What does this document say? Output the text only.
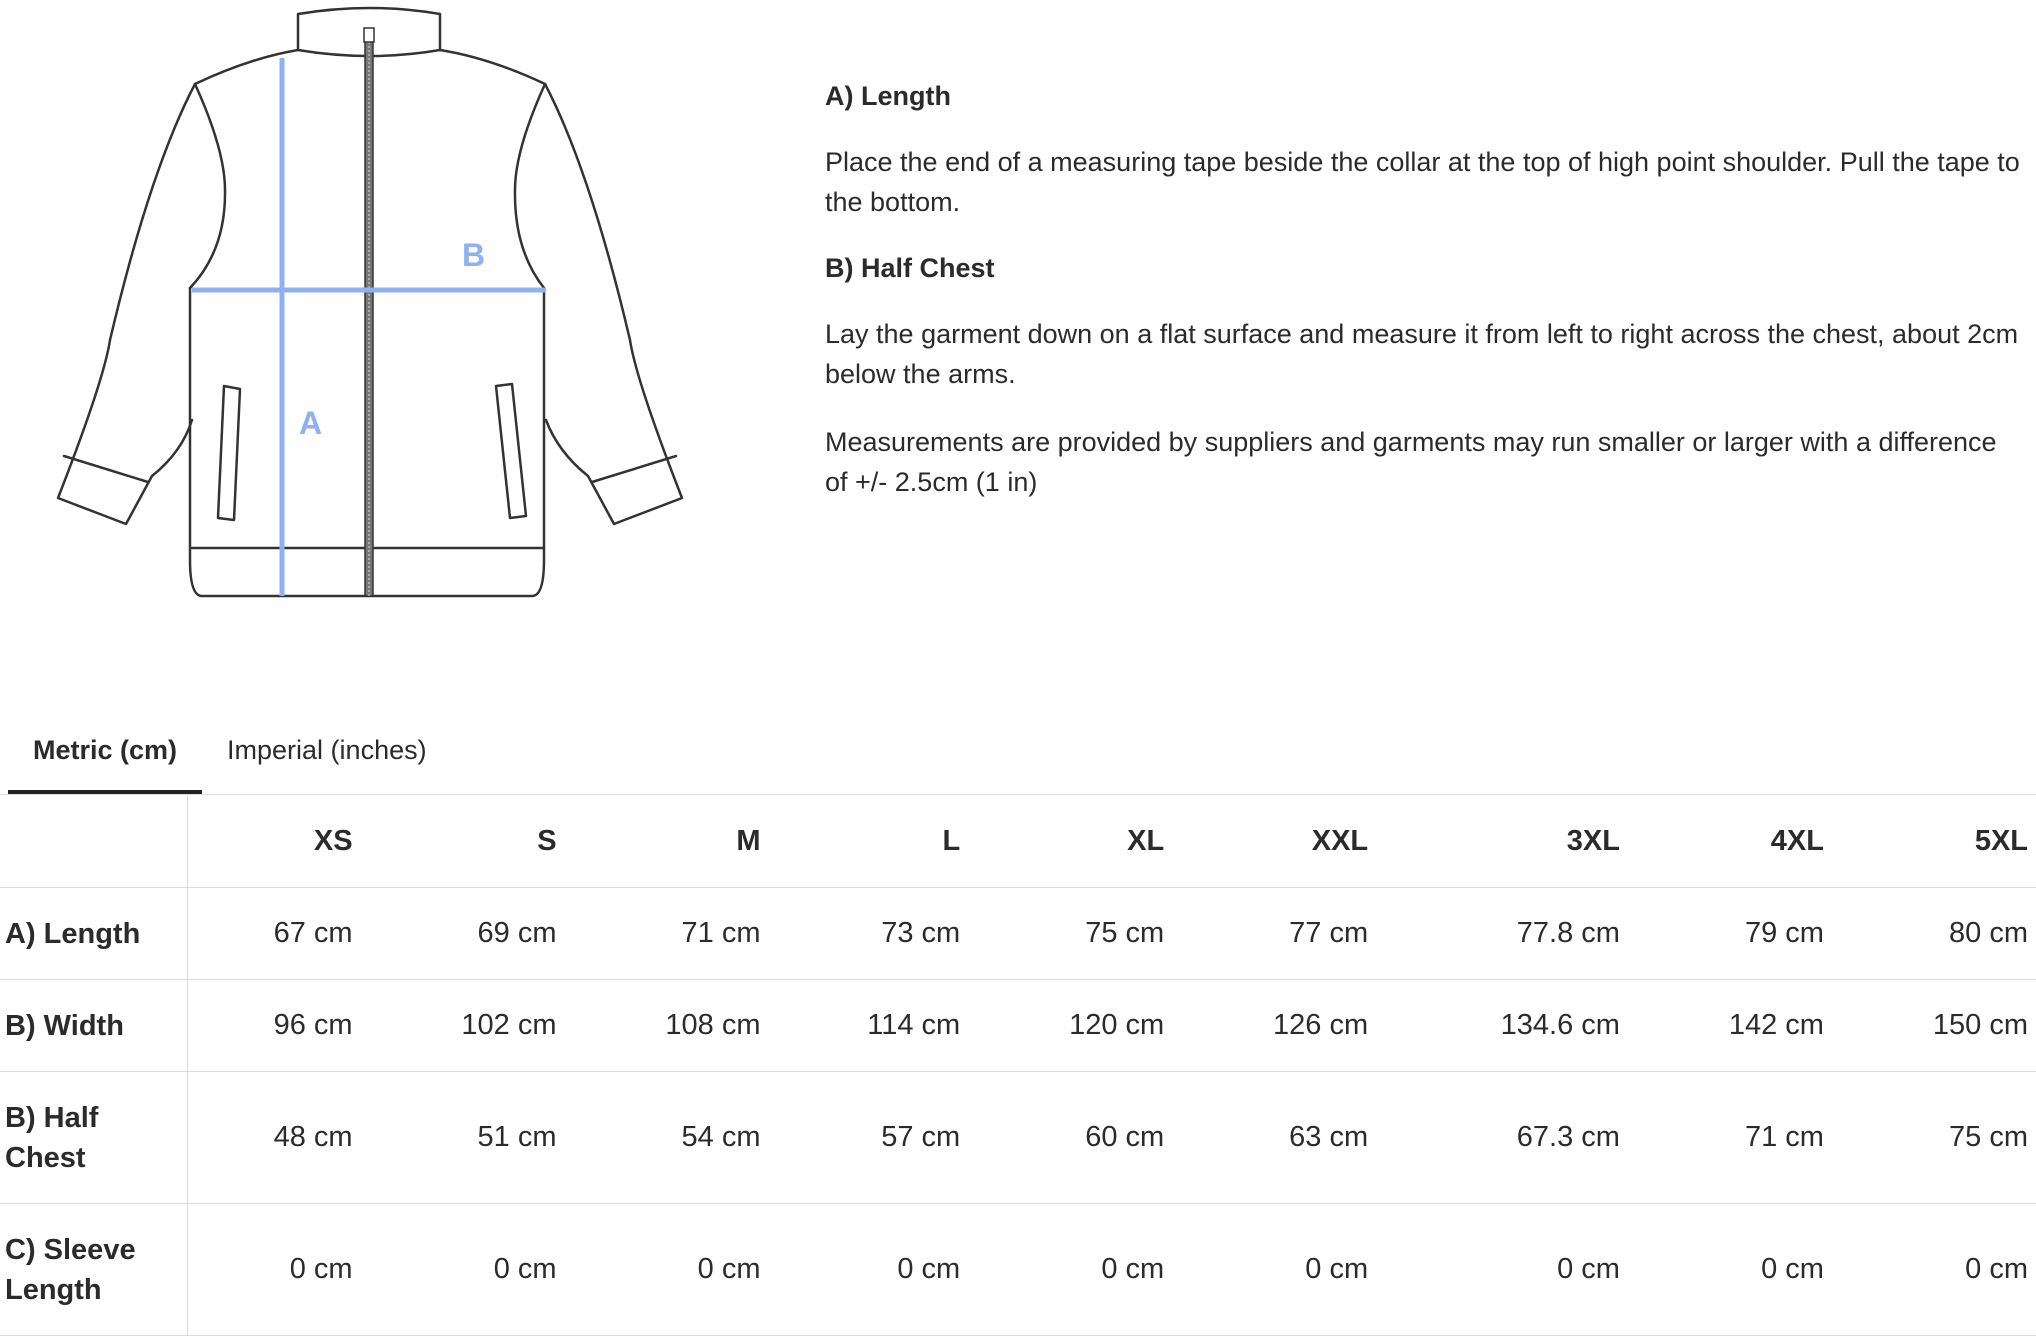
A
B
A) Length

Place the end of a measuring tape beside the collar at the top of high point shoulder. Pull the tape to the bottom.

B) Half Chest

Lay the garment down on a flat surface and measure it from left to right across the chest, about 2cm below the arms.

Measurements are provided by suppliers and garments may run smaller or larger with a difference of +/- 2.5cm (1 in)

Metric (cm)	Imperial (inches)
	XS	S	M	L	XL	XXL	3XL	4XL	5XL
A) Length	67 cm	69 cm	71 cm	73 cm	75 cm	77 cm	77.8 cm	79 cm	80 cm
B) Width	96 cm	102 cm	108 cm	114 cm	120 cm	126 cm	134.6 cm	142 cm	150 cm
B) Half Chest	48 cm	51 cm	54 cm	57 cm	60 cm	63 cm	67.3 cm	71 cm	75 cm
C) Sleeve Length	0 cm	0 cm	0 cm	0 cm	0 cm	0 cm	0 cm	0 cm	0 cm
